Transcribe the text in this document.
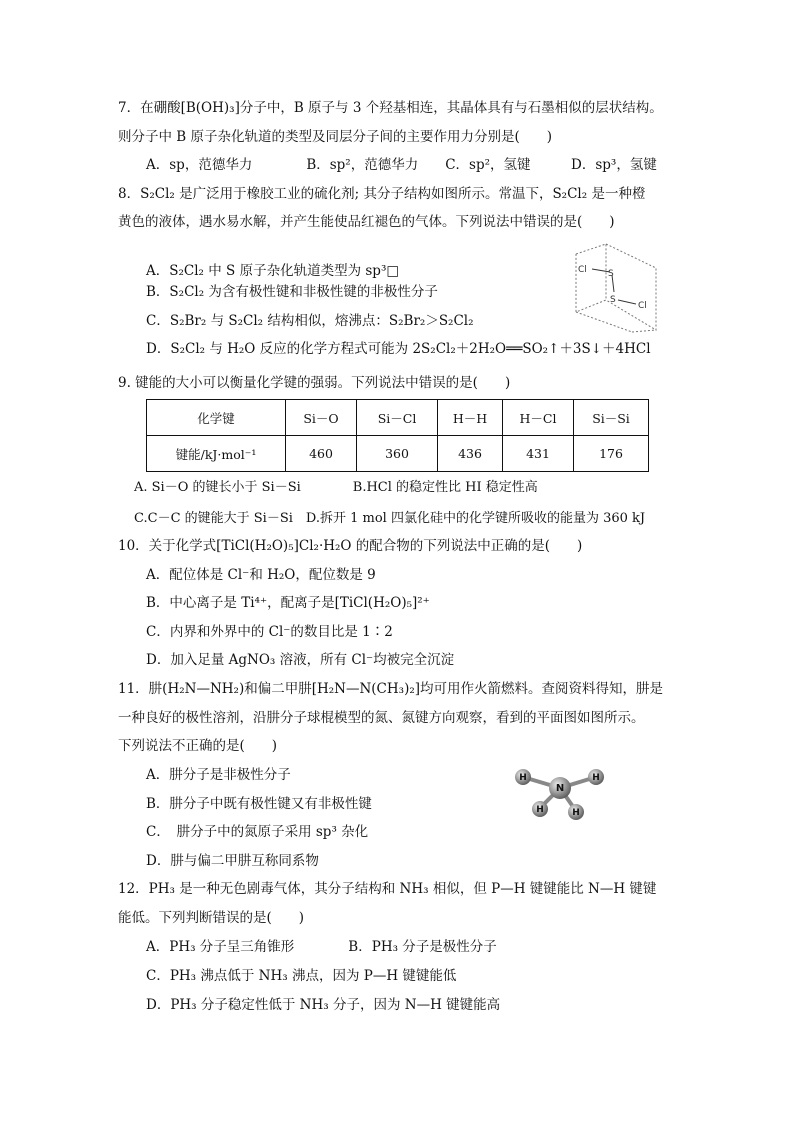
7．在硼酸[B(OH)₃]分子中，B 原子与 3 个羟基相连，其晶体具有与石墨相似的层状结构。
则分子中 B 原子杂化轨道的类型及同层分子间的主要作用力分别是(　　)
A．sp，范德华力　　　　B．sp²，范德华力　　C．sp²，氢键　　　D．sp³，氢键
8．S₂Cl₂ 是广泛用于橡胶工业的硫化剂; 其分子结构如图所示。常温下，S₂Cl₂ 是一种橙
黄色的液体，遇水易水解，并产生能使品红褪色的气体。下列说法中错误的是(　　)
A．S₂Cl₂ 中 S 原子杂化轨道类型为 sp³□
B．S₂Cl₂ 为含有极性键和非极性键的非极性分子
C．S₂Br₂ 与 S₂Cl₂ 结构相似，熔沸点：S₂Br₂＞S₂Cl₂
D．S₂Cl₂ 与 H₂O 反应的化学方程式可能为 2S₂Cl₂＋2H₂O══SO₂↑＋3S↓＋4HCl
Cl S
S
Cl
9. 键能的大小可以衡量化学键的强弱。下列说法中错误的是(　　)
化学键	Si－O	Si－Cl	H－H	H－Cl	Si－Si
键能/kJ·mol⁻¹	460	360	436	431	176
A. Si－O 的键长小于 Si－Si　　　　B.HCl 的稳定性比 HI 稳定性高
C.C－C 的键能大于 Si－Si　D.拆开 1 mol 四氯化硅中的化学键所吸收的能量为 360 kJ
10．关于化学式[TiCl(H₂O)₅]Cl₂·H₂O 的配合物的下列说法中正确的是(　　)
A．配位体是 Cl⁻和 H₂O，配位数是 9
B．中心离子是 Ti⁴⁺，配离子是[TiCl(H₂O)₅]²⁺
C．内界和外界中的 Cl⁻的数目比是 1∶2
D．加入足量 AgNO₃ 溶液，所有 Cl⁻均被完全沉淀
11．肼(H₂N—NH₂)和偏二甲肼[H₂N—N(CH₃)₂]均可用作火箭燃料。查阅资料得知，肼是
一种良好的极性溶剂，沿肼分子球棍模型的氮、氮键方向观察，看到的平面图如图所示。
下列说法不正确的是(　　)
A．肼分子是非极性分子
B．肼分子中既有极性键又有非极性键
C．　肼分子中的氮原子采用 sp³ 杂化
D．肼与偏二甲肼互称同系物
H	H
H	H
N
12．PH₃ 是一种无色剧毒气体，其分子结构和 NH₃ 相似，但 P—H 键键能比 N—H 键键
能低。下列判断错误的是(　　)
A．PH₃ 分子呈三角锥形　　　　B．PH₃ 分子是极性分子
C．PH₃ 沸点低于 NH₃ 沸点，因为 P—H 键键能低
D．PH₃ 分子稳定性低于 NH₃ 分子，因为 N—H 键键能高
